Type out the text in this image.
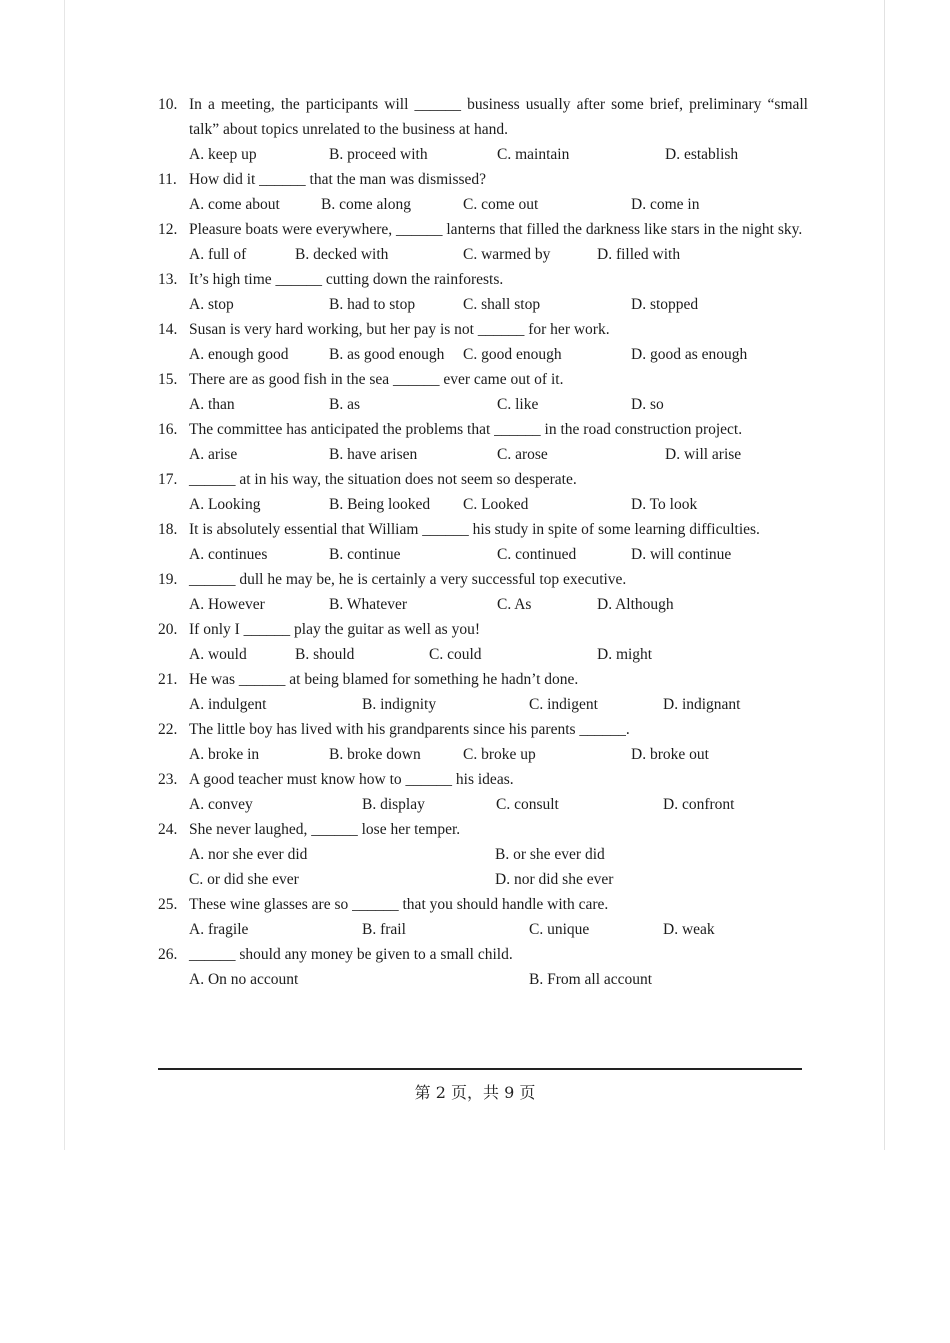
10. In a meeting, the participants will ______ business usually after some brief, preliminary “small talk” about topics unrelated to the business at hand.
A. keep up	B. proceed with	C. maintain	D. establish
11. How did it ______ that the man was dismissed?
A. come about	B. come along	C. come out	D. come in
12. Pleasure boats were everywhere, ______ lanterns that filled the darkness like stars in the night sky.
A. full of	B. decked with	C. warmed by	D. filled with
13. It’s high time ______ cutting down the rainforests.
A. stop	B. had to stop	C. shall stop	D. stopped
14. Susan is very hard working, but her pay is not ______ for her work.
A. enough good	B. as good enough C. good enough	D. good as enough
15. There are as good fish in the sea ______ ever came out of it.
A. than	B. as	C. like	D. so
16. The committee has anticipated the problems that ______ in the road construction project.
A. arise	B. have arisen	C. arose	D. will arise
17. ______ at in his way, the situation does not seem so desperate.
A. Looking	B. Being looked C. Looked	D. To look
18. It is absolutely essential that William ______ his study in spite of some learning difficulties.
A. continues	B. continue	C. continued	D. will continue
19. ______ dull he may be, he is certainly a very successful top executive.
A. However	B. Whatever	C. As	D. Although
20. If only I ______ play the guitar as well as you!
A. would	B. should	C. could	D. might
21. He was ______ at being blamed for something he hadn’t done.
A. indulgent	B. indignity	C. indigent	D. indignant
22. The little boy has lived with his grandparents since his parents ______.
A. broke in	B. broke down	C. broke up	D. broke out
23. A good teacher must know how to ______ his ideas.
A. convey	B. display	C. consult	D. confront
24. She never laughed, ______ lose her temper.
A. nor she ever did	B. or she ever did
C. or did she ever	D. nor did she ever
25. These wine glasses are so ______ that you should handle with care.
A. fragile	B. frail	C. unique	D. weak
26. ______ should any money be given to a small child.
A. On no account	B. From all account
第 2 页，共 9 页
